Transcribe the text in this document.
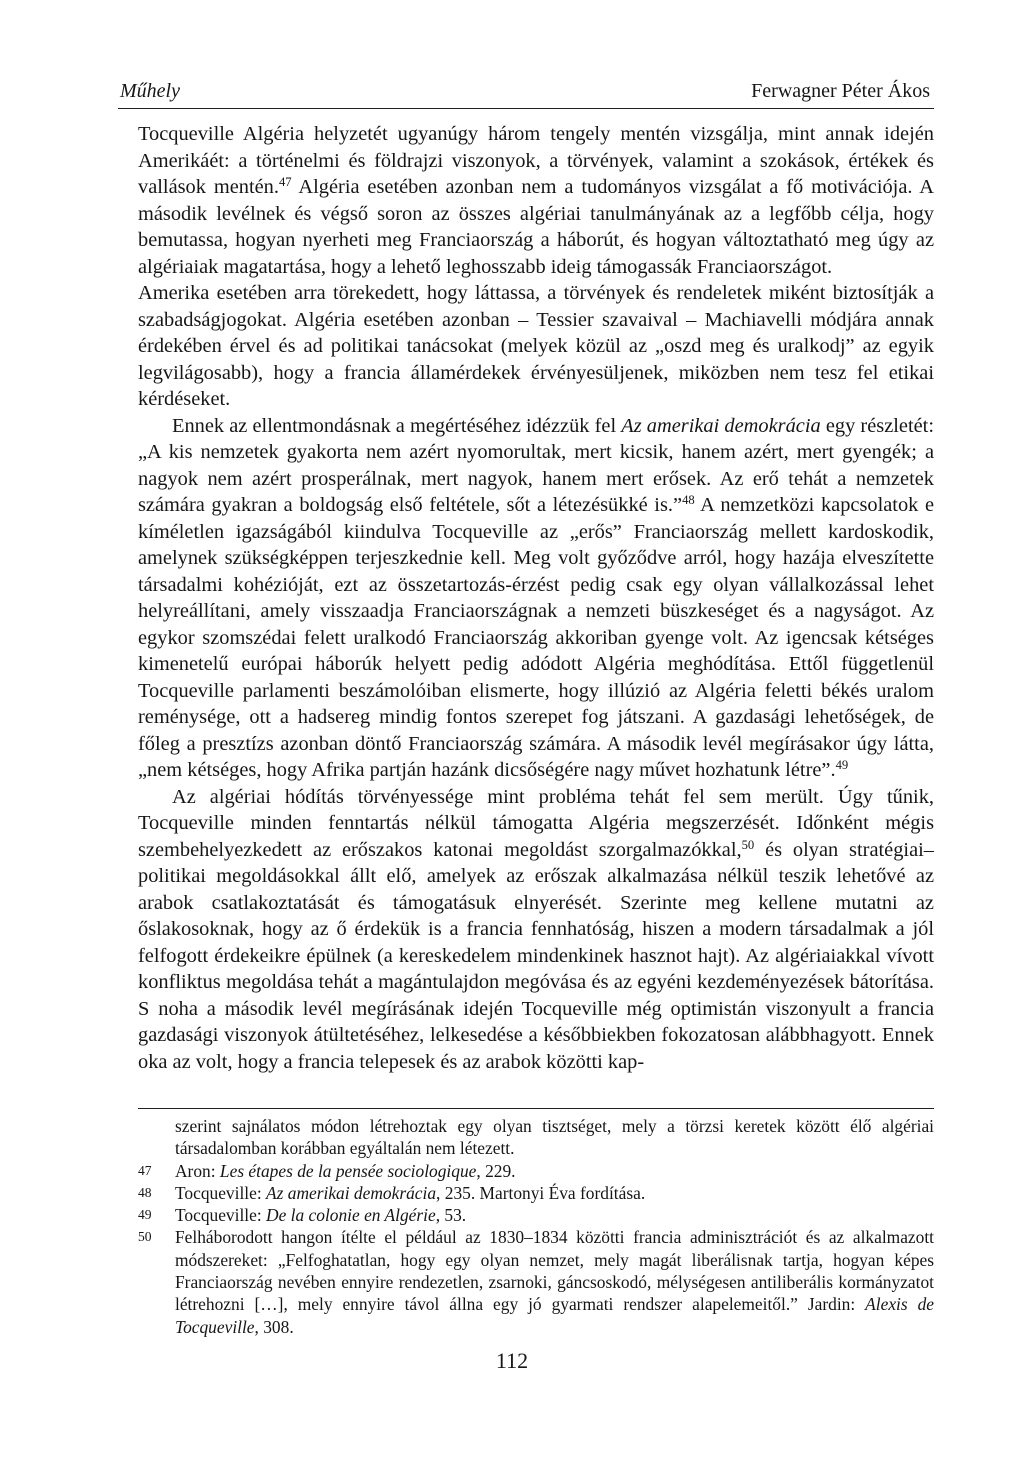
Műhely	Ferwagner Péter Ákos

Tocqueville Algéria helyzetét ugyanúgy három tengely mentén vizsgálja, mint annak idején Amerikáét: a történelmi és földrajzi viszonyok, a törvények, valamint a szokások, értékek és vallások mentén.$^{47}$ Algéria esetében azonban nem a tudományos vizsgálat a fő motivációja. A második levélnek és végső soron az összes algériai tanulmányának az a legfőbb célja, hogy bemutassa, hogyan nyerheti meg Franciaország a háborút, és hogyan változtatható meg úgy az algériaiak magatartása, hogy a lehető leghosszabb ideig támogassák Franciaországot.

Amerika esetében arra törekedett, hogy láttassa, a törvények és rendeletek miként biztosítják a szabadságjogokat. Algéria esetében azonban – Tessier szavaival – Machiavelli módjára annak érdekében érvel és ad politikai tanácsokat (melyek közül az „oszd meg és uralkodj” az egyik legvilágosabb), hogy a francia államérdekek érvényesüljenek, miközben nem tesz fel etikai kérdéseket.

Ennek az ellentmondásnak a megértéséhez idézzük fel Az amerikai demokrácia egy részletét: „A kis nemzetek gyakorta nem azért nyomorultak, mert kicsik, hanem azért, mert gyengék; a nagyok nem azért prosperálnak, mert nagyok, hanem mert erősek. Az erő tehát a nemzetek számára gyakran a boldogság első feltétele, sőt a létezésükké is.”$^{48}$ A nemzetközi kapcsolatok e kíméletlen igazságából kiindulva Tocqueville az „erős” Franciaország mellett kardoskodik, amelynek szükségképpen terjeszkednie kell. Meg volt győződve arról, hogy hazája elveszítette társadalmi kohézióját, ezt az összetartozás-érzést pedig csak egy olyan vállalkozással lehet helyreállítani, amely visszaadja Franciaországnak a nemzeti büszkeséget és a nagyságot. Az egykor szomszédai felett uralkodó Franciaország akkoriban gyenge volt. Az igencsak kétséges kimenetelű európai háborúk helyett pedig adódott Algéria meghódítása. Ettől függetlenül Tocqueville parlamenti beszámolóiban elismerte, hogy illúzió az Algéria feletti békés uralom reménysége, ott a hadsereg mindig fontos szerepet fog játszani. A gazdasági lehetőségek, de főleg a presztízs azonban döntő Franciaország számára. A második levél megírásakor úgy látta, „nem kétséges, hogy Afrika partján hazánk dicsőségére nagy művet hozhatunk létre”.$^{49}$

Az algériai hódítás törvényessége mint probléma tehát fel sem merült. Úgy tűnik, Tocqueville minden fenntartás nélkül támogatta Algéria megszerzését. Időnként mégis szembehelyezkedett az erőszakos katonai megoldást szorgalmazókkal,$^{50}$ és olyan stratégiai–politikai megoldásokkal állt elő, amelyek az erőszak alkalmazása nélkül teszik lehetővé az arabok csatlakoztatását és támogatásuk elnyerését. Szerinte meg kellene mutatni az őslakosoknak, hogy az ő érdekük is a francia fennhatóság, hiszen a modern társadalmak a jól felfogott érdekeikre épülnek (a kereskedelem mindenkinek hasznot hajt). Az algériaiakkal vívott konfliktus megoldása tehát a magántulajdon megóvása és az egyéni kezdeményezések bátorítása. S noha a második levél megírásának idején Tocqueville még optimistán viszonyult a francia gazdasági viszonyok átültetéséhez, lelkesedése a későbbiekben fokozatosan alábbhagyott. Ennek oka az volt, hogy a francia telepesek és az arabok közötti kap-

szerint sajnálatos módon létrehoztak egy olyan tisztséget, mely a törzsi keretek között élő algériai társadalomban korábban egyáltalán nem létezett.

47	Aron: Les étapes de la pensée sociologique, 229.

48	Tocqueville: Az amerikai demokrácia, 235. Martonyi Éva fordítása.

49	Tocqueville: De la colonie en Algérie, 53.

50	Felháborodott hangon ítélte el például az 1830–1834 közötti francia adminisztrációt és az alkalmazott módszereket: „Felfoghatatlan, hogy egy olyan nemzet, mely magát liberálisnak tartja, hogyan képes Franciaország nevében ennyire rendezetlen, zsarnoki, gáncsoskodó, mélységesen antiliberális kormányzatot létrehozni […], mely ennyire távol állna egy jó gyarmati rendszer alapelemeitől.” Jardin: Alexis de Tocqueville, 308.

112
